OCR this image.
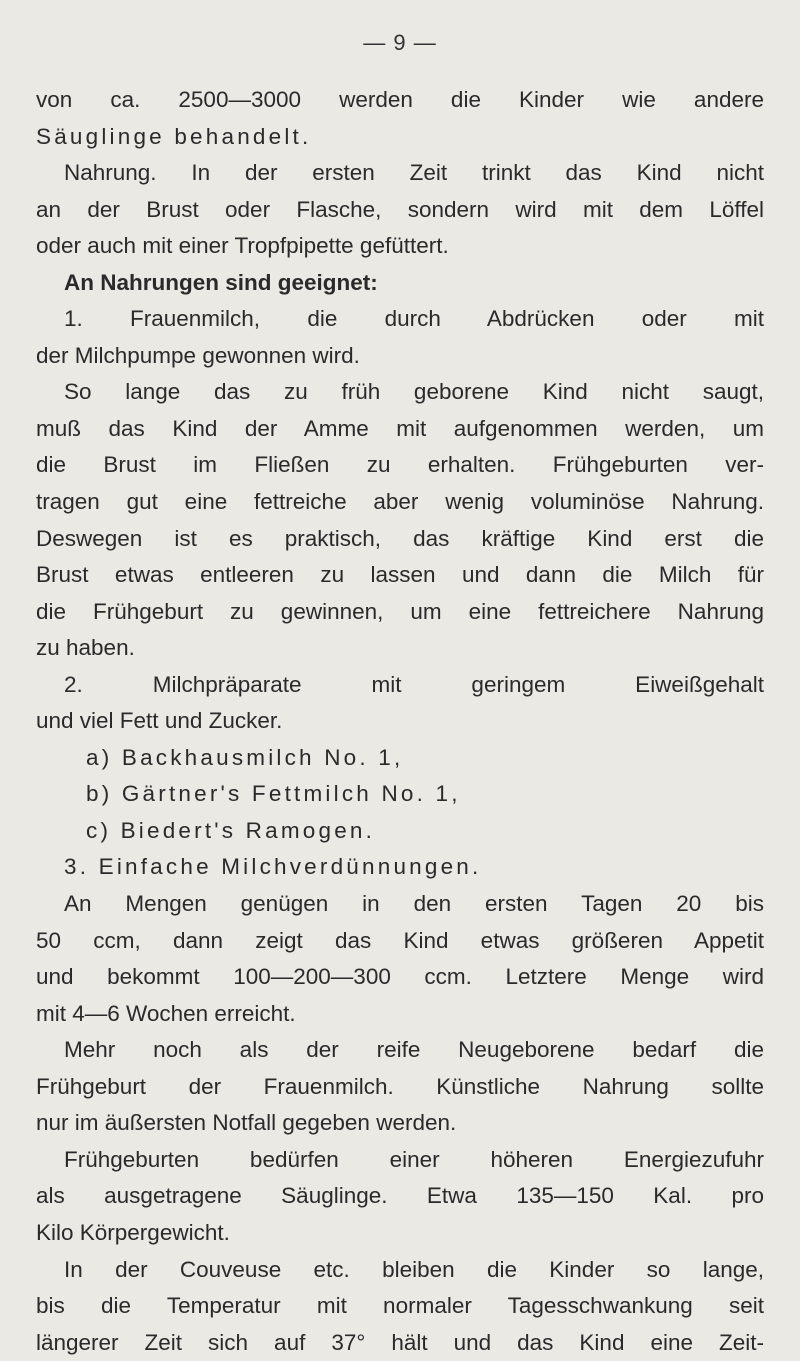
— 9 —
von ca. 2500—3000 werden die Kinder wie andere
Säuglinge behandelt.
Nahrung. In der ersten Zeit trinkt das Kind nicht
an der Brust oder Flasche, sondern wird mit dem Löffel
oder auch mit einer Tropfpipette gefüttert.
An Nahrungen sind geeignet:
1. Frauenmilch, die durch Abdrücken oder mit
der Milchpumpe gewonnen wird.
So lange das zu früh geborene Kind nicht saugt,
muß das Kind der Amme mit aufgenommen werden, um
die Brust im Fließen zu erhalten. Frühgeburten ver-
tragen gut eine fettreiche aber wenig voluminöse Nahrung.
Deswegen ist es praktisch, das kräftige Kind erst die
Brust etwas entleeren zu lassen und dann die Milch für
die Frühgeburt zu gewinnen, um eine fettreichere Nahrung
zu haben.
2. Milchpräparate mit geringem Eiweißgehalt
und viel Fett und Zucker.
a) Backhausmilch No. 1,
b) Gärtner's Fettmilch No. 1,
c) Biedert's Ramogen.
3. Einfache Milchverdünnungen.
An Mengen genügen in den ersten Tagen 20 bis
50 ccm, dann zeigt das Kind etwas größeren Appetit
und bekommt 100—200—300 ccm. Letztere Menge wird
mit 4—6 Wochen erreicht.
Mehr noch als der reife Neugeborene bedarf die
Frühgeburt der Frauenmilch. Künstliche Nahrung sollte
nur im äußersten Notfall gegeben werden.
Frühgeburten bedürfen einer höheren Energiezufuhr
als ausgetragene Säuglinge. Etwa 135—150 Kal. pro
Kilo Körpergewicht.
In der Couveuse etc. bleiben die Kinder so lange,
bis die Temperatur mit normaler Tagesschwankung seit
längerer Zeit sich auf 37° hält und das Kind eine Zeit-
